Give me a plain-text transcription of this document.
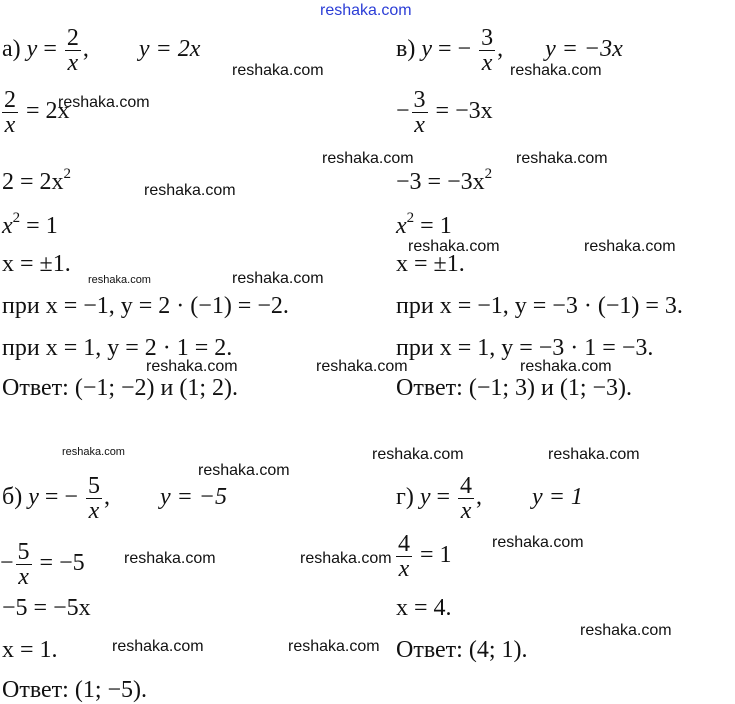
reshaka.com
а) $y = \frac{2}{x}$ , y = 2x
$\frac{2}{x} = 2x$
$2 = 2x^2$
$x^2 = 1$
x = ±1.
при x = −1, y = 2 · (−1) = −2.
при x = 1, y = 2 · 1 = 2.
Ответ: (−1; −2) и (1; 2).
в) y = − $\frac{3}{x}$ , y = −3x
− $\frac{3}{x} = -3x$
$-3 = -3x^2$
$x^2 = 1$
x = ±1.
при x = −1, y = −3 · (−1) = 3.
при x = 1, y = −3 · 1 = −3.
Ответ: (−1; 3) и (1; −3).
б) y = − $\frac{5}{x}$ , y = −5
− $\frac{5}{x} = -5$
−5 = −5x
x = 1.
Ответ: (1; −5).
г) $y = \frac{4}{x}$ , y = 1
$\frac{4}{x} = 1$
x = 4.
Ответ: (4; 1).
reshaka.com	reshaka.com
reshaka.com
reshaka.com	reshaka.com
reshaka.com
reshaka.com	reshaka.com
reshaka.com	reshaka.com
reshaka.com	reshaka.com	reshaka.com
reshaka.com	reshaka.com	reshaka.com
reshaka.com
reshaka.com
reshaka.com	reshaka.com
reshaka.com
reshaka.com	reshaka.com
